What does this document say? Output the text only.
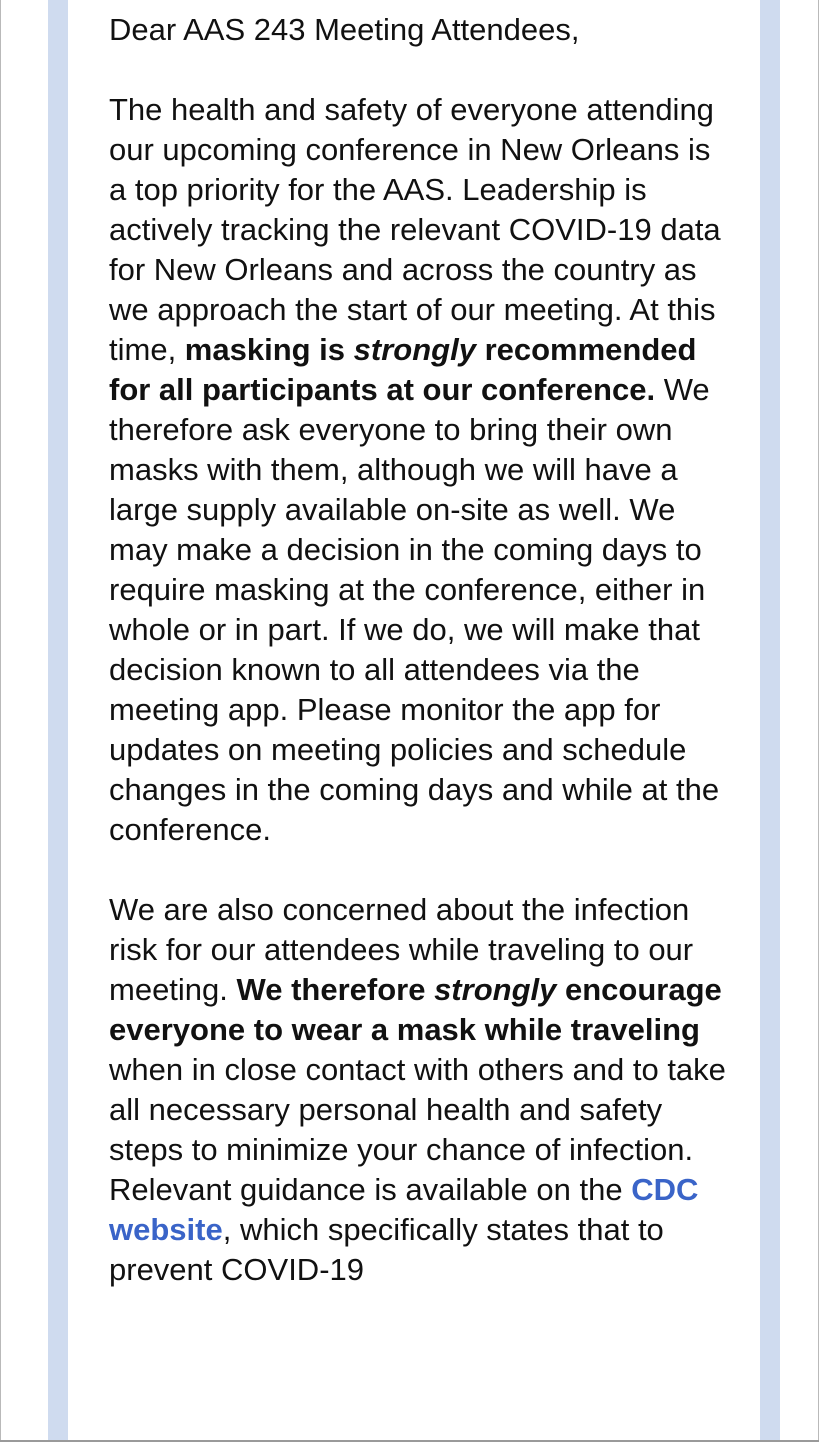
Dear AAS 243 Meeting Attendees,

The health and safety of everyone attending our upcoming conference in New Orleans is a top priority for the AAS. Leadership is actively tracking the relevant COVID-19 data for New Orleans and across the country as we approach the start of our meeting. At this time, masking is strongly recommended for all participants at our conference. We therefore ask everyone to bring their own masks with them, although we will have a large supply available on-site as well. We may make a decision in the coming days to require masking at the conference, either in whole or in part. If we do, we will make that decision known to all attendees via the meeting app. Please monitor the app for updates on meeting policies and schedule changes in the coming days and while at the conference.

We are also concerned about the infection risk for our attendees while traveling to our meeting. We therefore strongly encourage everyone to wear a mask while traveling when in close contact with others and to take all necessary personal health and safety steps to minimize your chance of infection. Relevant guidance is available on the CDC website, which specifically states that to prevent COVID-19
